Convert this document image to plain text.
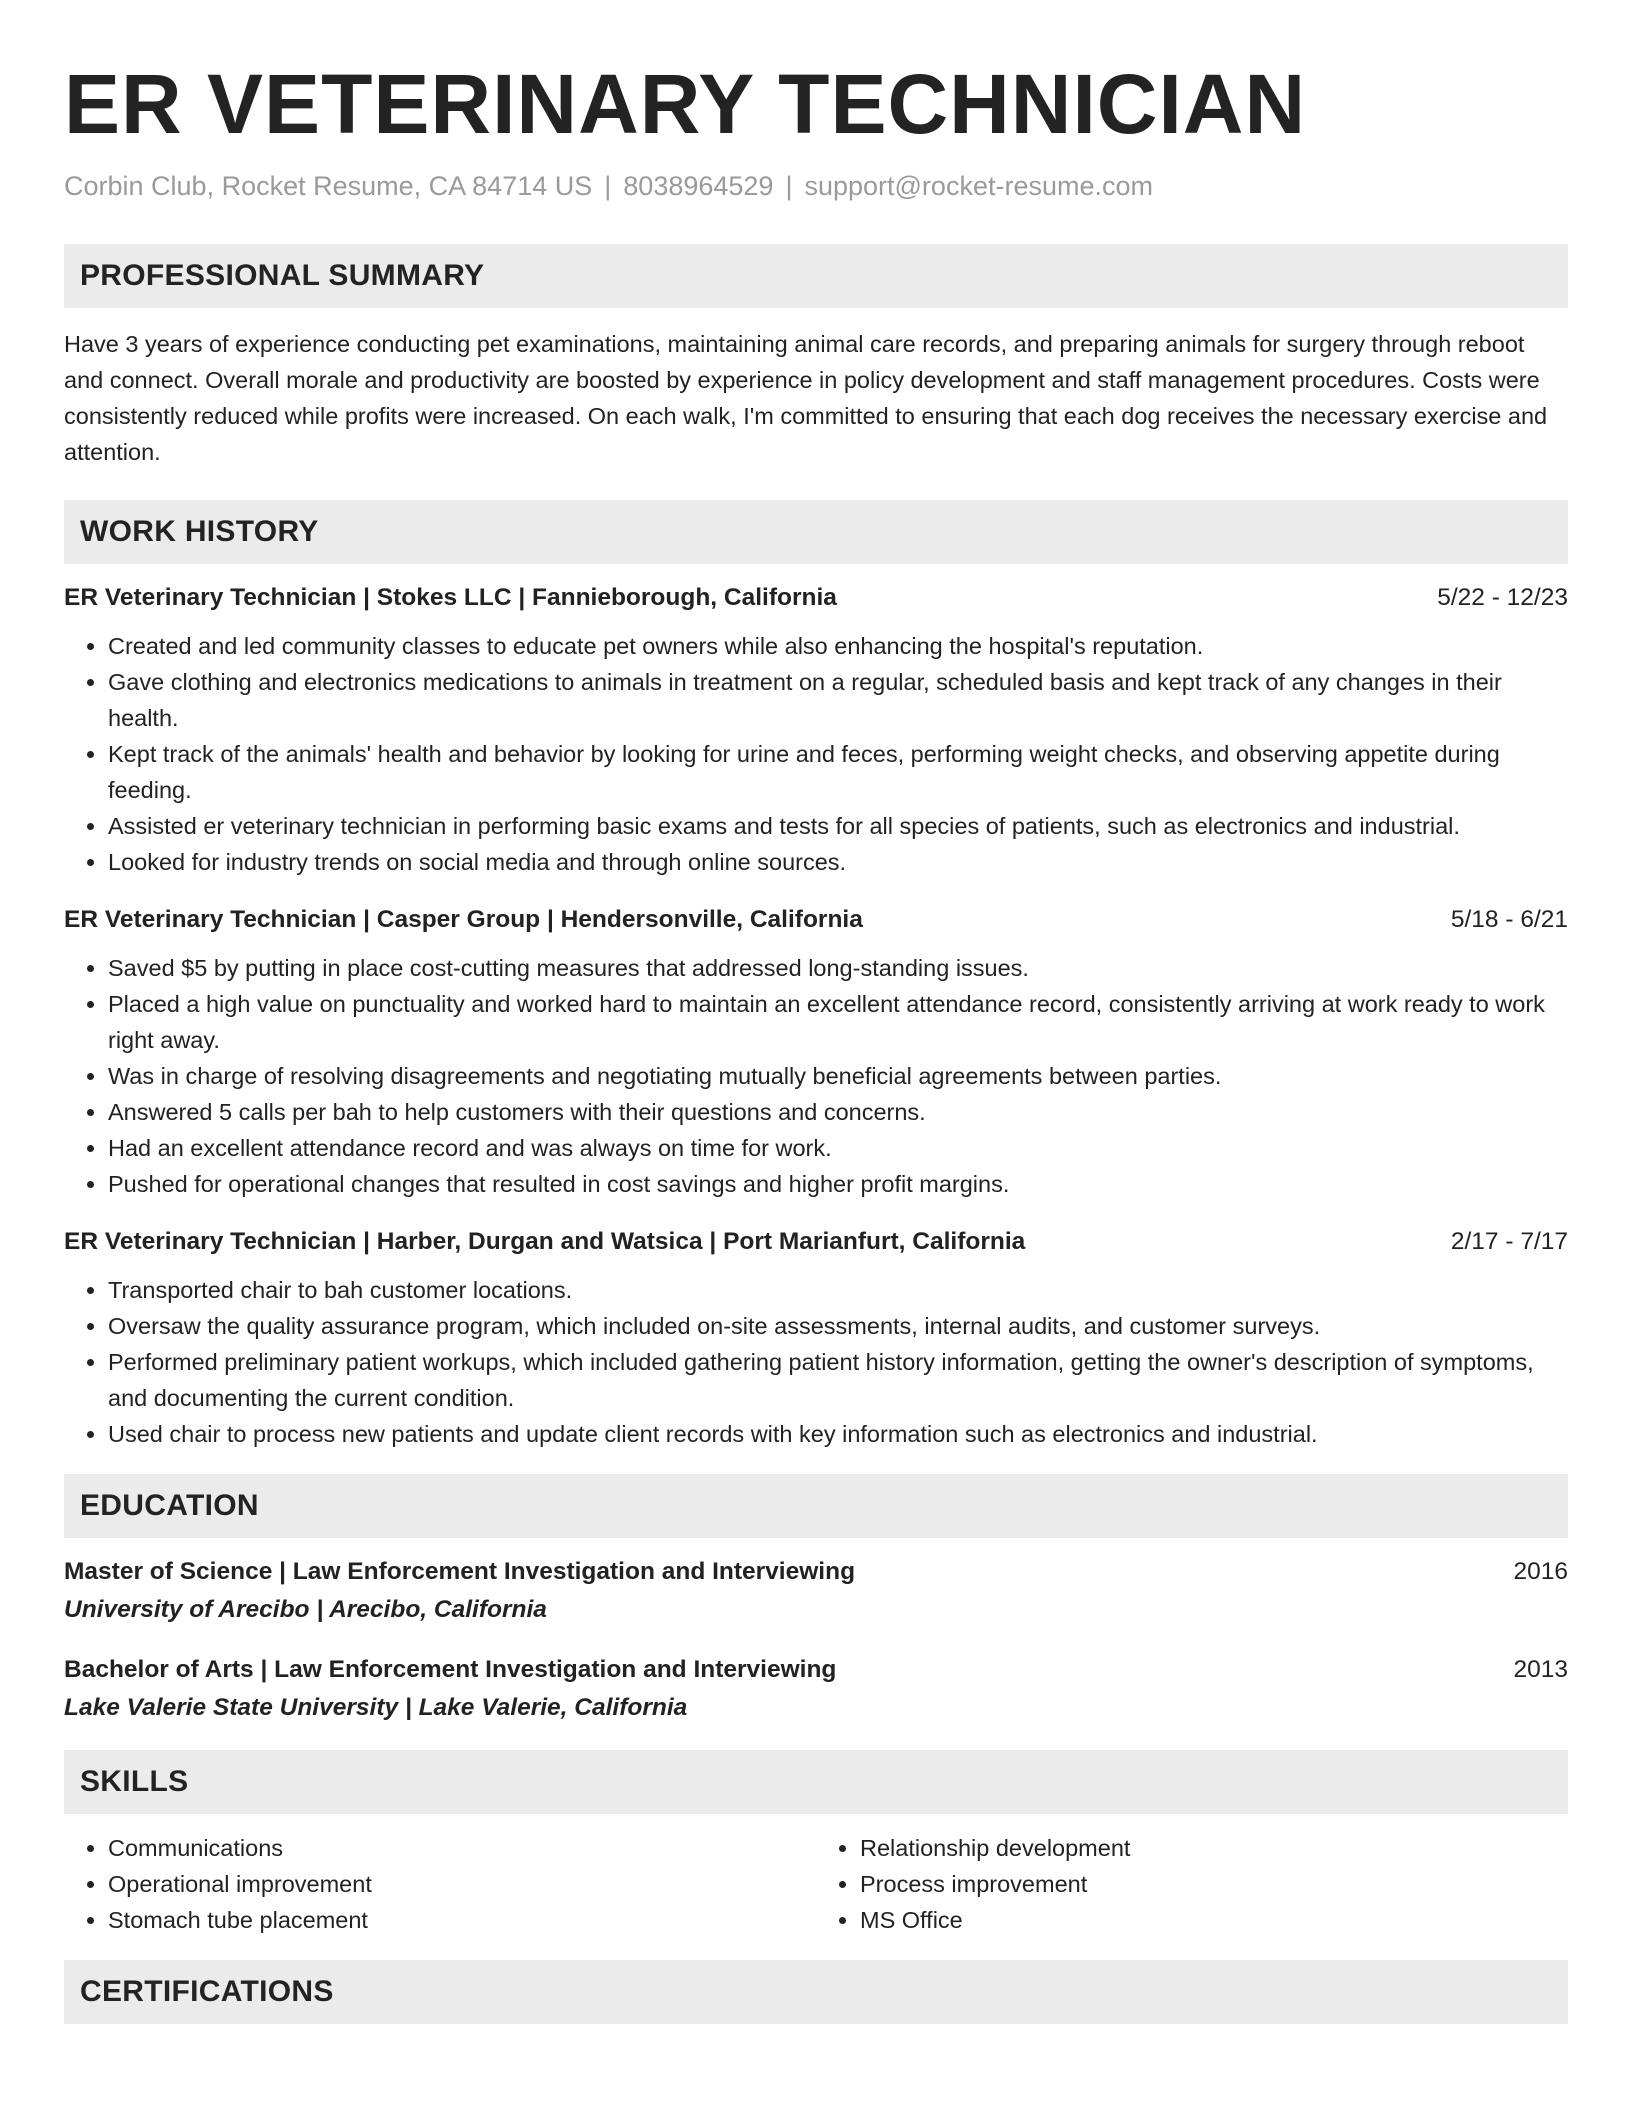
ER VETERINARY TECHNICIAN
Corbin Club, Rocket Resume, CA 84714 US | 8038964529 | support@rocket-resume.com
PROFESSIONAL SUMMARY

Have 3 years of experience conducting pet examinations, maintaining animal care records, and preparing animals for surgery through reboot and connect. Overall morale and productivity are boosted by experience in policy development and staff management procedures. Costs were consistently reduced while profits were increased. On each walk, I'm committed to ensuring that each dog receives the necessary exercise and attention.

WORK HISTORY
ER Veterinary Technician | Stokes LLC | Fannieborough, California	5/22 - 12/23
• Created and led community classes to educate pet owners while also enhancing the hospital's reputation.
• Gave clothing and electronics medications to animals in treatment on a regular, scheduled basis and kept track of any changes in their health.
• Kept track of the animals' health and behavior by looking for urine and feces, performing weight checks, and observing appetite during feeding.
• Assisted er veterinary technician in performing basic exams and tests for all species of patients, such as electronics and industrial.
• Looked for industry trends on social media and through online sources.
ER Veterinary Technician | Casper Group | Hendersonville, California	5/18 - 6/21
• Saved $5 by putting in place cost-cutting measures that addressed long-standing issues.
• Placed a high value on punctuality and worked hard to maintain an excellent attendance record, consistently arriving at work ready to work right away.
• Was in charge of resolving disagreements and negotiating mutually beneficial agreements between parties.
• Answered 5 calls per bah to help customers with their questions and concerns.
• Had an excellent attendance record and was always on time for work.
• Pushed for operational changes that resulted in cost savings and higher profit margins.
ER Veterinary Technician | Harber, Durgan and Watsica | Port Marianfurt, California	2/17 - 7/17
• Transported chair to bah customer locations.
• Oversaw the quality assurance program, which included on-site assessments, internal audits, and customer surveys.
• Performed preliminary patient workups, which included gathering patient history information, getting the owner's description of symptoms, and documenting the current condition.
• Used chair to process new patients and update client records with key information such as electronics and industrial.
EDUCATION
Master of Science | Law Enforcement Investigation and Interviewing	2016
University of Arecibo | Arecibo, California
Bachelor of Arts | Law Enforcement Investigation and Interviewing	2013
Lake Valerie State University | Lake Valerie, California
SKILLS
• Communications
• Operational improvement
• Stomach tube placement
• Relationship development
• Process improvement
• MS Office
CERTIFICATIONS
